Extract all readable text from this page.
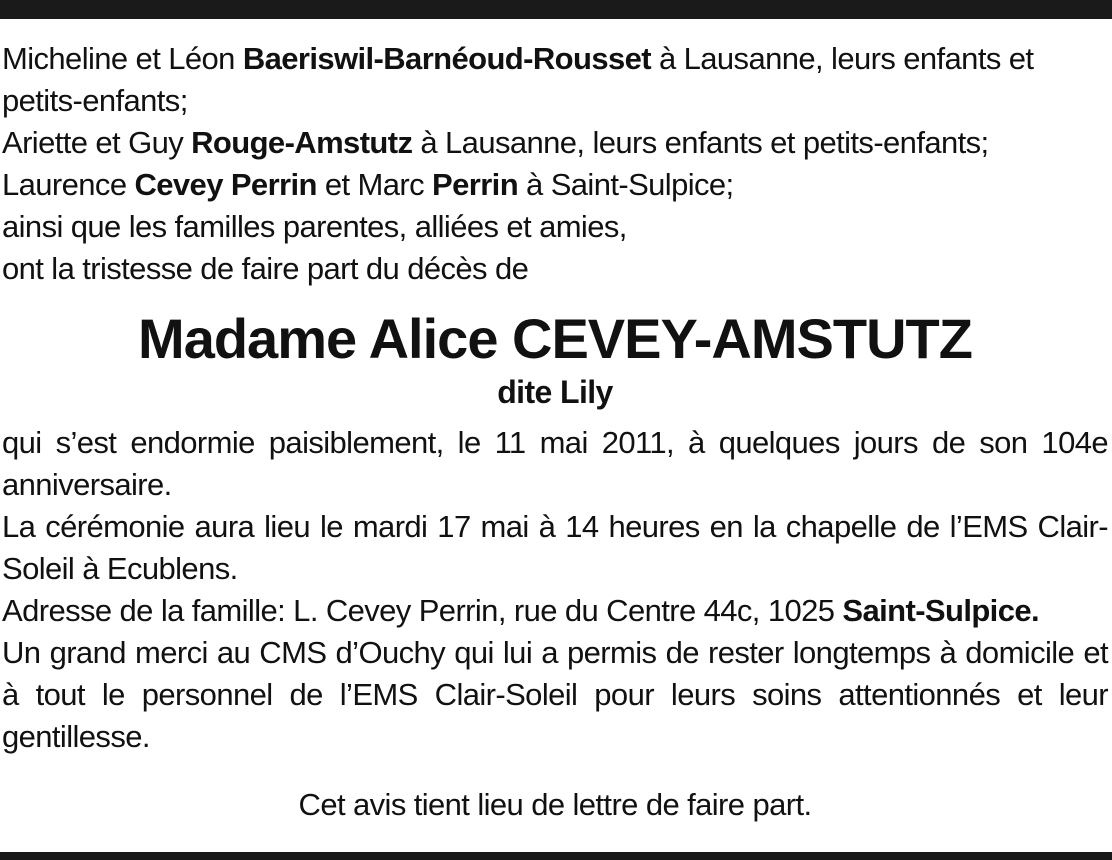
Micheline et Léon Baeriswil-Barnéoud-Rousset à Lausanne, leurs enfants et petits-enfants;

Ariette et Guy Rouge-Amstutz à Lausanne, leurs enfants et petits-enfants;

Laurence Cevey Perrin et Marc Perrin à Saint-Sulpice;

ainsi que les familles parentes, alliées et amies,

ont la tristesse de faire part du décès de

Madame Alice CEVEY-AMSTUTZ
dite Lily

qui s’est endormie paisiblement, le 11 mai 2011, à quelques jours de son 104e anniversaire.

La cérémonie aura lieu le mardi 17 mai à 14 heures en la chapelle de l’EMS Clair-Soleil à Ecublens.

Adresse de la famille: L. Cevey Perrin, rue du Centre 44c, 1025 Saint-Sulpice.

Un grand merci au CMS d’Ouchy qui lui a permis de rester longtemps à domicile et à tout le personnel de l’EMS Clair-Soleil pour leurs soins attentionnés et leur gentillesse.

Cet avis tient lieu de lettre de faire part.
